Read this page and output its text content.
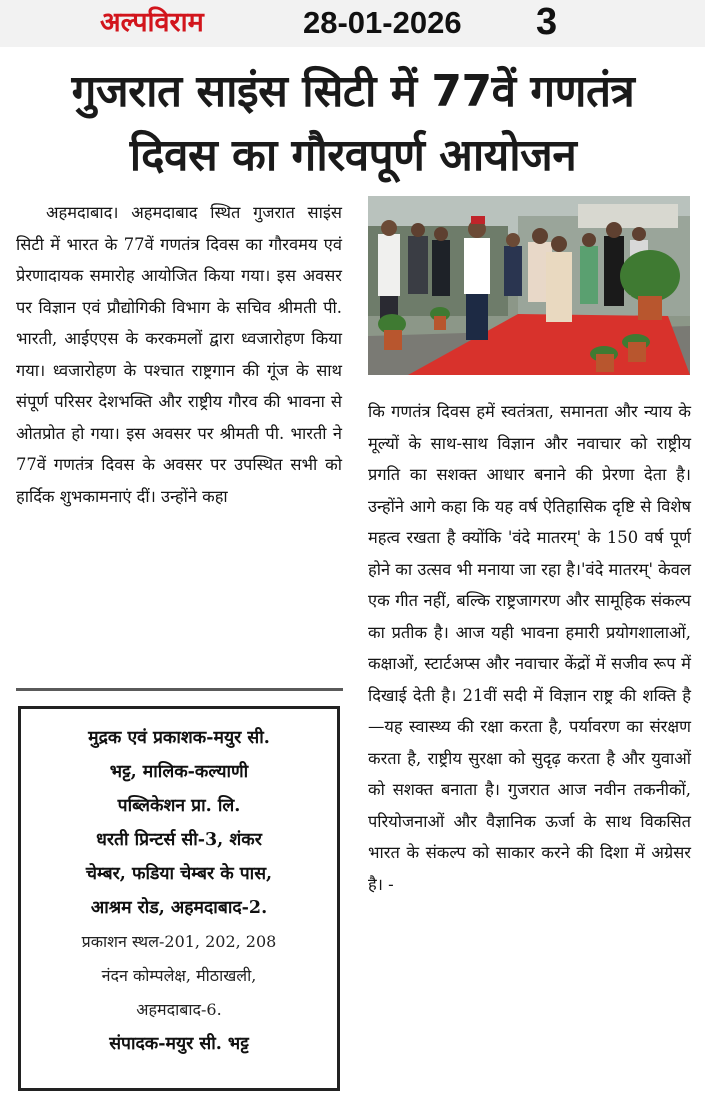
अल्पविराम	28-01-2026 3
गुजरात साइंस सिटी में 77वें गणतंत्र
दिवस का गौरवपूर्ण आयोजन

अहमदाबाद। अहमदाबाद स्थित गुजरात साइंस सिटी में भारत के 77वें गणतंत्र दिवस का गौरवमय एवं प्रेरणादायक समारोह आयोजित किया गया। इस अवसर पर विज्ञान एवं प्रौद्योगिकी विभाग के सचिव श्रीमती पी. भारती, आईएएस के करकमलों द्वारा ध्वजारोहण किया गया। ध्वजारोहण के पश्चात राष्ट्रगान की गूंज के साथ संपूर्ण परिसर देशभक्ति और राष्ट्रीय गौरव की भावना से ओतप्रोत हो गया। इस अवसर पर श्रीमती पी. भारती ने 77वें गणतंत्र दिवस के अवसर पर उपस्थित सभी को हार्दिक शुभकामनाएं दीं। उन्होंने कहा

कि गणतंत्र दिवस हमें स्वतंत्रता, समानता और न्याय के मूल्यों के साथ-साथ विज्ञान और नवाचार को राष्ट्रीय प्रगति का सशक्त आधार बनाने की प्रेरणा देता है। उन्होंने आगे कहा कि यह वर्ष ऐतिहासिक दृष्टि से विशेष महत्व रखता है क्योंकि 'वंदे मातरम्' के 150 वर्ष पूर्ण होने का उत्सव भी मनाया जा रहा है।'वंदे मातरम्' केवल एक गीत नहीं, बल्कि राष्ट्रजागरण और सामूहिक संकल्प का प्रतीक है। आज यही भावना हमारी प्रयोगशालाओं, कक्षाओं, स्टार्टअप्स और नवाचार केंद्रों में सजीव रूप में दिखाई देती है। 21वीं सदी में विज्ञान राष्ट्र की शक्ति है—यह स्वास्थ्य की रक्षा करता है, पर्यावरण का संरक्षण करता है, राष्ट्रीय सुरक्षा को सुदृढ़ करता है और युवाओं को सशक्त बनाता है। गुजरात आज नवीन तकनीकों, परियोजनाओं और वैज्ञानिक ऊर्जा के साथ विकसित भारत के संकल्प को साकार करने की दिशा में अग्रेसर है। -

मुद्रक एवं प्रकाशक-मयुर सी.
भट्ट, मालिक-कल्याणी
पब्लिकेशन प्रा. लि.
धरती प्रिन्टर्स सी-3, शंकर
चेम्बर, फडिया चेम्बर के पास,
आश्रम रोड, अहमदाबाद-2.
प्रकाशन स्थल-201, 202, 208
नंदन कोम्पलेक्ष, मीठाखली,
अहमदाबाद-6.
संपादक-मयुर सी. भट्ट
